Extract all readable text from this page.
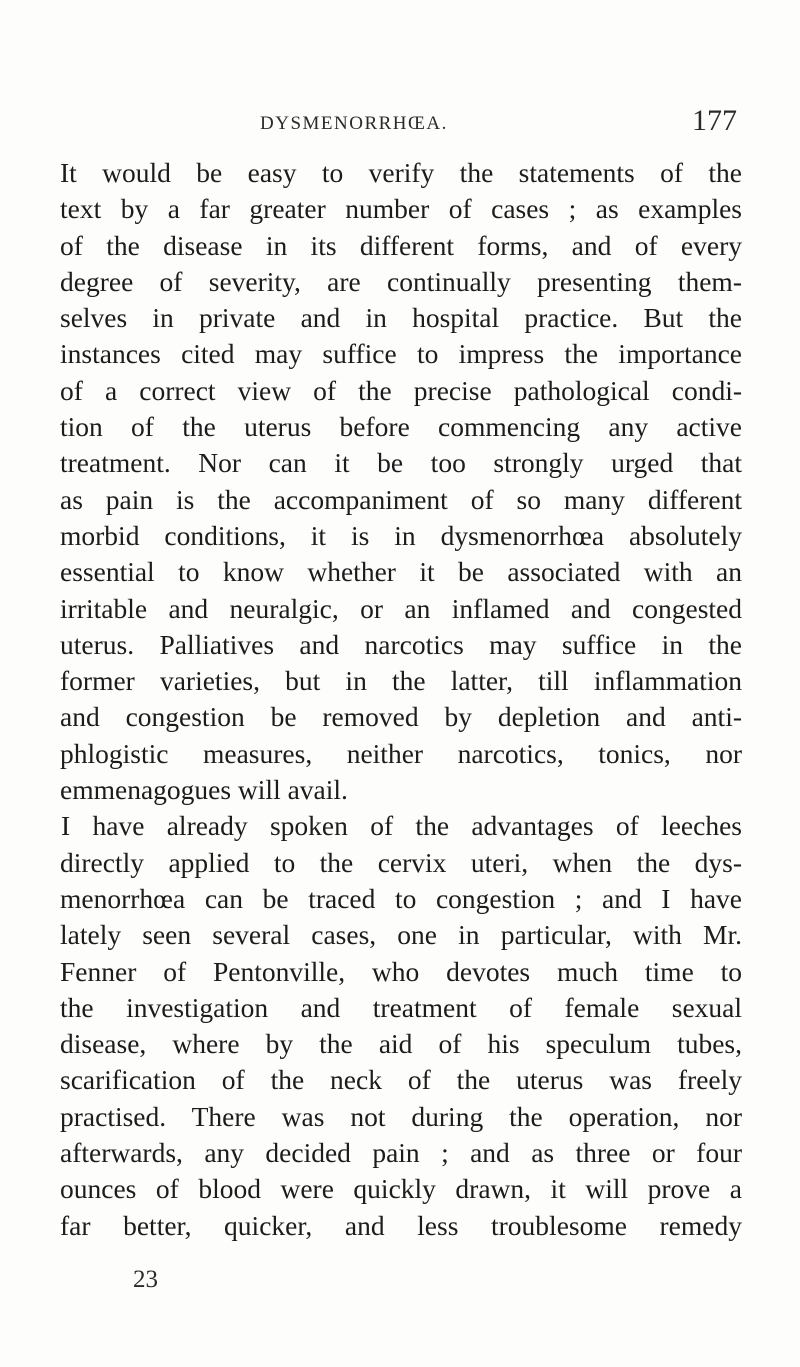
DYSMENORRHŒA.	177
It would be easy to verify the statements of the
text by a far greater number of cases ; as examples
of the disease in its different forms, and of every
degree of severity, are continually presenting them-
selves in private and in hospital practice. But the
instances cited may suffice to impress the importance
of a correct view of the precise pathological condi-
tion of the uterus before commencing any active
treatment. Nor can it be too strongly urged that
as pain is the accompaniment of so many different
morbid conditions, it is in dysmenorrhœa absolutely
essential to know whether it be associated with an
irritable and neuralgic, or an inflamed and congested
uterus. Palliatives and narcotics may suffice in the
former varieties, but in the latter, till inflammation
and congestion be removed by depletion and anti-
phlogistic measures, neither narcotics, tonics, nor
emmenagogues will avail.
I have already spoken of the advantages of leeches
directly applied to the cervix uteri, when the dys-
menorrhœa can be traced to congestion ; and I have
lately seen several cases, one in particular, with Mr.
Fenner of Pentonville, who devotes much time to
the investigation and treatment of female sexual
disease, where by the aid of his speculum tubes,
scarification of the neck of the uterus was freely
practised. There was not during the operation, nor
afterwards, any decided pain ; and as three or four
ounces of blood were quickly drawn, it will prove a
far better, quicker, and less troublesome remedy
23
